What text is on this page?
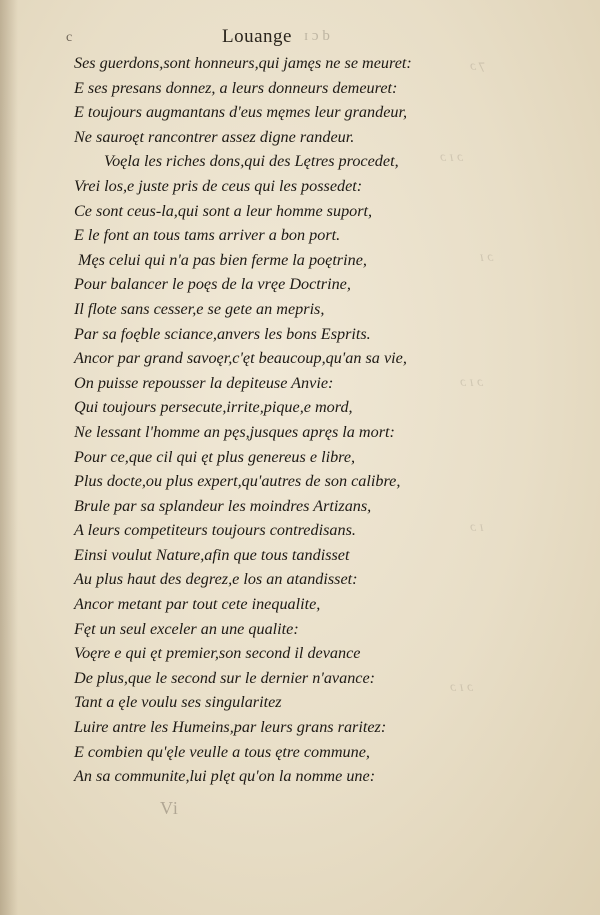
c	Louange ɪ ɔ b
Ses guerdons,sont honneurs,qui jamęs ne se meuret:
E ses presans donnez, a leurs donneurs demeuret:
E toujours augmantans d'eus męmes leur grandeur,
Ne sauroęt rancontrer assez digne randeur.
Voęla les riches dons,qui des Lętres procedet,
Vrei los,e juste pris de ceus qui les possedet:
Ce sont ceus-la,qui sont a leur homme suport,
E le font an tous tams arriver a bon port.
Męs celui qui n'a pas bien ferme la poętrine,
Pour balancer le poęs de la vręe Doctrine,
Il flote sans cesser,e se gete an mepris,
Par sa foęble sciance,anvers les bons Esprits.
Ancor par grand savoęr,c'ęt beaucoup,qu'an sa vie,
On puisse repousser la depiteuse Anvie:
Qui toujours persecute,irrite,pique,e mord,
Ne lessant l'homme an pęs,jusques apręs la mort:
Pour ce,que cil qui ęt plus genereus e libre,
Plus docte,ou plus expert,qu'autres de son calibre,
Brule par sa splandeur les moindres Artizans,
A leurs competiteurs toujours contredisans.
Einsi voulut Nature,afin que tous tandisset
Au plus haut des degrez,e los an atandisset:
Ancor metant par tout cete inequalite,
Fęt un seul exceler an une qualite:
Voęre e qui ęt premier,son second il devance
De plus,que le second sur le dernier n'avance:
Tant a ęle voulu ses singularitez
Luire antre les Humeins,par leurs grans raritez:
E combien qu'ęle veulle a tous ętre commune,
An sa communite,lui plęt qu'on la nomme une:
⁊ ɔ
ɔ ɪ ɔ
ɔ ɪ
ɔ ɪ ɔ
ɪ ɔ
ɔ ɪ ɔ
Vi
